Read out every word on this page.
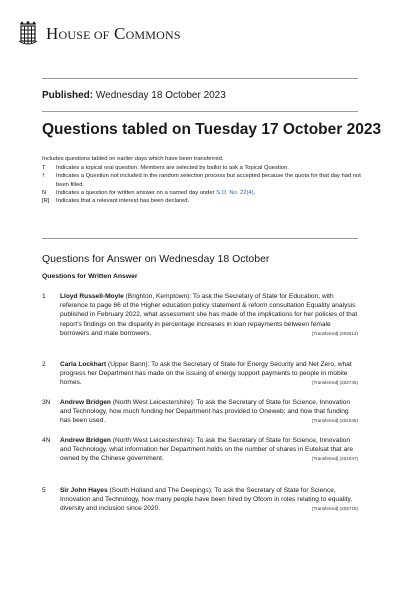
HOUSE OF COMMONS
Published: Wednesday 18 October 2023
Questions tabled on Tuesday 17 October 2023
Includes questions tabled on earlier days which have been transferred.
T	Indicates a topical oral question. Members are selected by ballot to ask a Topical Question.
†	Indicates a Question not included in the random selection process but accepted because the quota for that day had not been filled.
N	Indicates a question for written answer on a named day under S.O. No. 22(4).
[R]	Indicates that a relevant interest has been declared.
Questions for Answer on Wednesday 18 October
Questions for Written Answer
1	Lloyd Russell-Moyle (Brighton, Kemptown): To ask the Secretary of State for Education, with reference to page 66 of the Higher education policy statement & reform consultation Equality analysis published in February 2022, what assessment she has made of the implications for her policies of that report's findings on the disparity in percentage increases in loan repayments between female borrowers and male borrowers.	[Transferred] (202612)
2	Carla Lockhart (Upper Bann): To ask the Secretary of State for Energy Security and Net Zero, what progress her Department has made on the issuing of energy support payments to people in mobile homes.	[Transferred] (202745)
3N	Andrew Bridgen (North West Leicestershire): To ask the Secretary of State for Science, Innovation and Technology, how much funding her Department has provided to Oneweb; and how that funding has been used.	[Transferred] (201046)
4N	Andrew Bridgen (North West Leicestershire): To ask the Secretary of State for Science, Innovation and Technology, what information her Department holds on the number of shares in Eutelsat that are owned by the Chinese government.	[Transferred] (201047)
5	Sir John Hayes (South Holland and The Deepings): To ask the Secretary of State for Science, Innovation and Technology, how many people have been hired by Ofcom in roles relating to equality, diversity and inclusion since 2020.	[Transferred] (202718)
